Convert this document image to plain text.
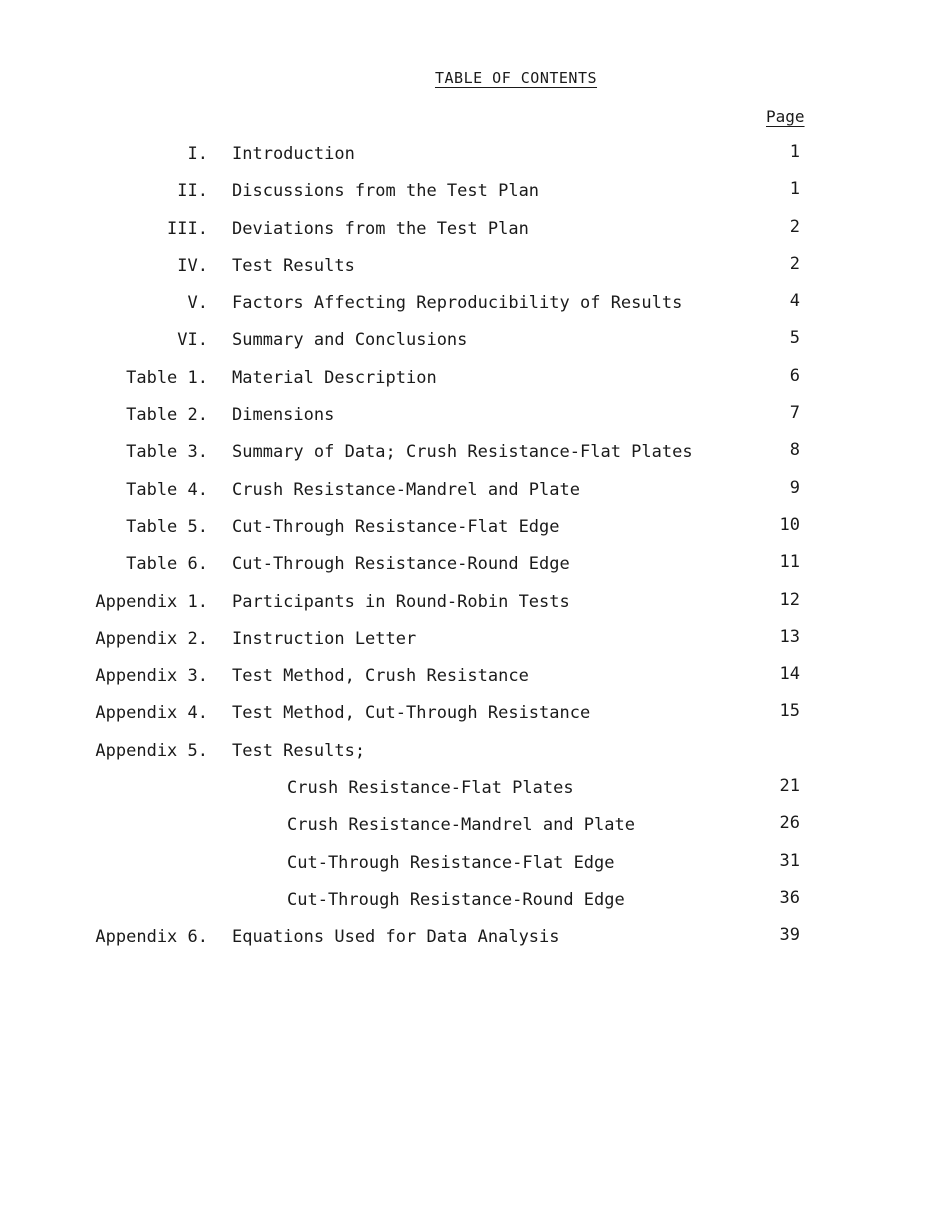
TABLE OF CONTENTS
Page
I. Introduction	1
II. Discussions from the Test Plan	1
III. Deviations from the Test Plan	2
IV. Test Results	2
V. Factors Affecting Reproducibility of Results	4
VI. Summary and Conclusions	5
Table 1. Material Description	6
Table 2. Dimensions	7
Table 3. Summary of Data; Crush Resistance-Flat Plates	8
Table 4. Crush Resistance-Mandrel and Plate	9
Table 5. Cut-Through Resistance-Flat Edge	10
Table 6. Cut-Through Resistance-Round Edge	11
Appendix 1. Participants in Round-Robin Tests	12
Appendix 2. Instruction Letter	13
Appendix 3. Test Method, Crush Resistance	14
Appendix 4. Test Method, Cut-Through Resistance	15
Appendix 5. Test Results;
Crush Resistance-Flat Plates	21
Crush Resistance-Mandrel and Plate	26
Cut-Through Resistance-Flat Edge	31
Cut-Through Resistance-Round Edge	36
Appendix 6. Equations Used for Data Analysis	39
